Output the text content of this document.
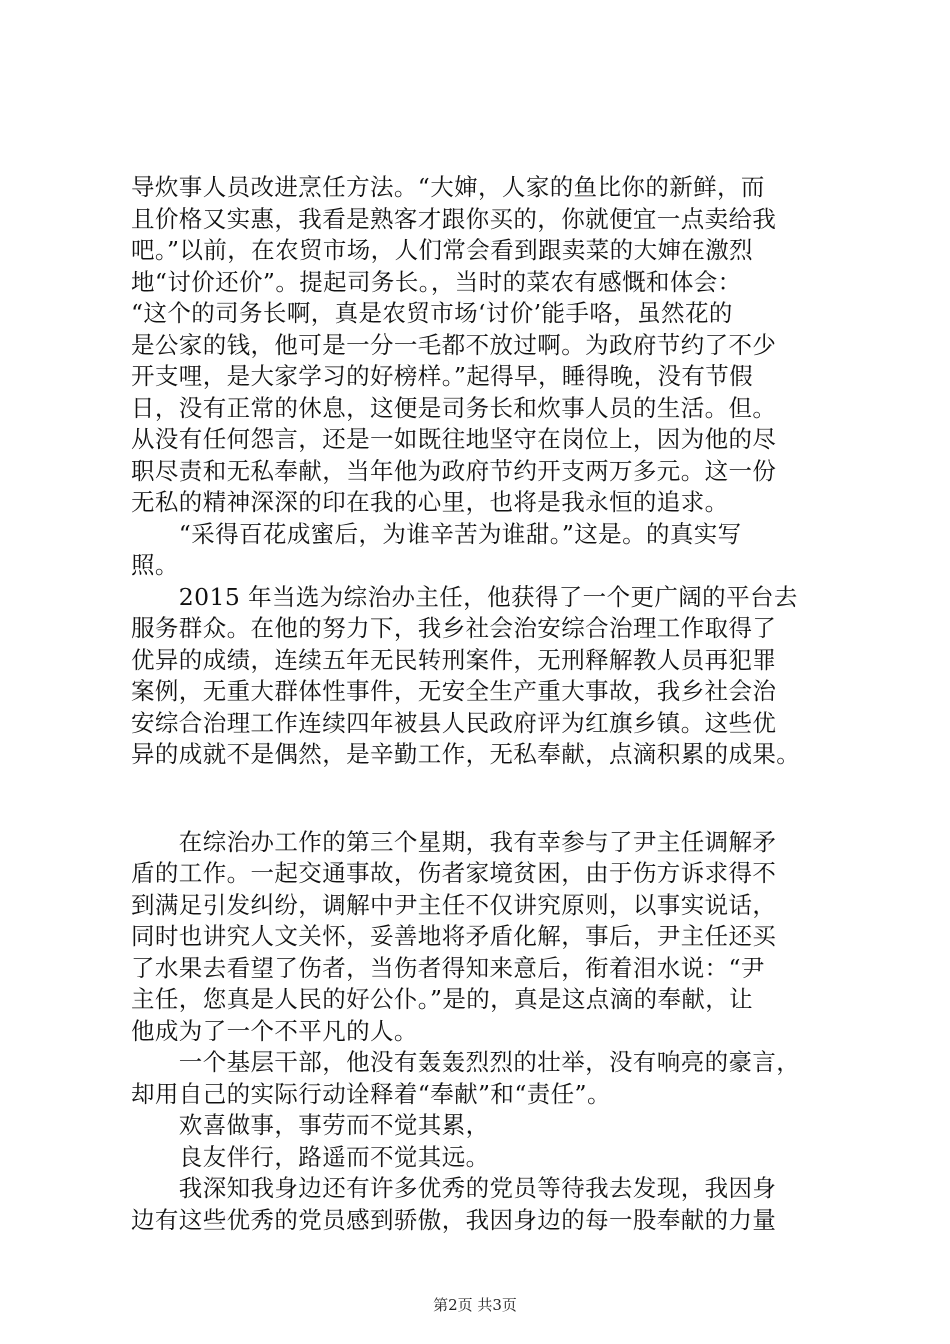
导炊事人员改进烹任方法。“大婶，人家的鱼比你的新鲜，而
且价格又实惠，我看是熟客才跟你买的，你就便宜一点卖给我
吧。”以前，在农贸市场，人们常会看到跟卖菜的大婶在激烈
地“讨价还价”。提起司务长。，当时的菜农有感慨和体会：
“这个的司务长啊，真是农贸市场‘讨价’能手咯，虽然花的
是公家的钱，他可是一分一毛都不放过啊。为政府节约了不少
开支哩，是大家学习的好榜样。”起得早，睡得晚，没有节假
日，没有正常的休息，这便是司务长和炊事人员的生活。但。
从没有任何怨言，还是一如既往地坚守在岗位上，因为他的尽
职尽责和无私奉献，当年他为政府节约开支两万多元。这一份
无私的精神深深的印在我的心里，也将是我永恒的追求。
　　“采得百花成蜜后，为谁辛苦为谁甜。”这是。的真实写
照。
　　2015 年当选为综治办主任，他获得了一个更广阔的平台去
服务群众。在他的努力下，我乡社会治安综合治理工作取得了
优异的成绩，连续五年无民转刑案件，无刑释解教人员再犯罪
案例，无重大群体性事件，无安全生产重大事故，我乡社会治
安综合治理工作连续四年被县人民政府评为红旗乡镇。这些优
异的成就不是偶然，是辛勤工作，无私奉献，点滴积累的成果。
　　在综治办工作的第三个星期，我有幸参与了尹主任调解矛
盾的工作。一起交通事故，伤者家境贫困，由于伤方诉求得不
到满足引发纠纷，调解中尹主任不仅讲究原则，以事实说话，
同时也讲究人文关怀，妥善地将矛盾化解，事后，尹主任还买
了水果去看望了伤者，当伤者得知来意后，衔着泪水说：“尹
主任，您真是人民的好公仆。”是的，真是这点滴的奉献，让
他成为了一个不平凡的人。
　　一个基层干部，他没有轰轰烈烈的壮举，没有响亮的豪言，
却用自己的实际行动诠释着“奉献”和“责任”。
　　欢喜做事，事劳而不觉其累，
　　良友伴行，路遥而不觉其远。
　　我深知我身边还有许多优秀的党员等待我去发现，我因身
边有这些优秀的党员感到骄傲，我因身边的每一股奉献的力量
第2页 共3页
